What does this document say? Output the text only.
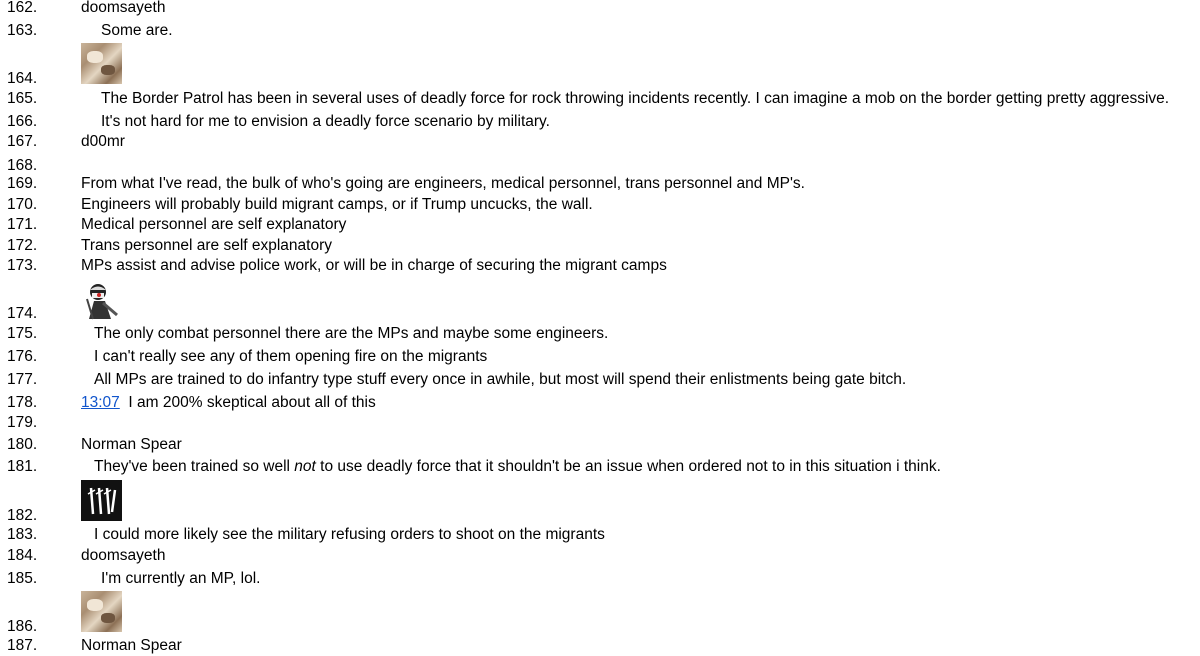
162.	doomsayeth
163.	Some are.
164.
165.	The Border Patrol has been in several uses of deadly force for rock throwing incidents recently. I can imagine a mob on the border getting pretty aggressive.
166.	It's not hard for me to envision a deadly force scenario by military.
167.	d00mr
168.
169.	From what I've read, the bulk of who's going are engineers, medical personnel, trans personnel and MP's.
170.	Engineers will probably build migrant camps, or if Trump uncucks, the wall.
171.	Medical personnel are self explanatory
172.	Trans personnel are self explanatory
173.	MPs assist and advise police work, or will be in charge of securing the migrant camps
174.
175.	The only combat personnel there are the MPs and maybe some engineers.
176.	I can't really see any of them opening fire on the migrants
177.	All MPs are trained to do infantry type stuff every once in awhile, but most will spend their enlistments being gate bitch.
178.	13:07 I am 200% skeptical about all of this
179.
180.	Norman Spear
181.	They've been trained so well not to use deadly force that it shouldn't be an issue when ordered not to in this situation i think.
182.
183.	I could more likely see the military refusing orders to shoot on the migrants
184.	doomsayeth
185.	I'm currently an MP, lol.
186.
187.	Norman Spear
